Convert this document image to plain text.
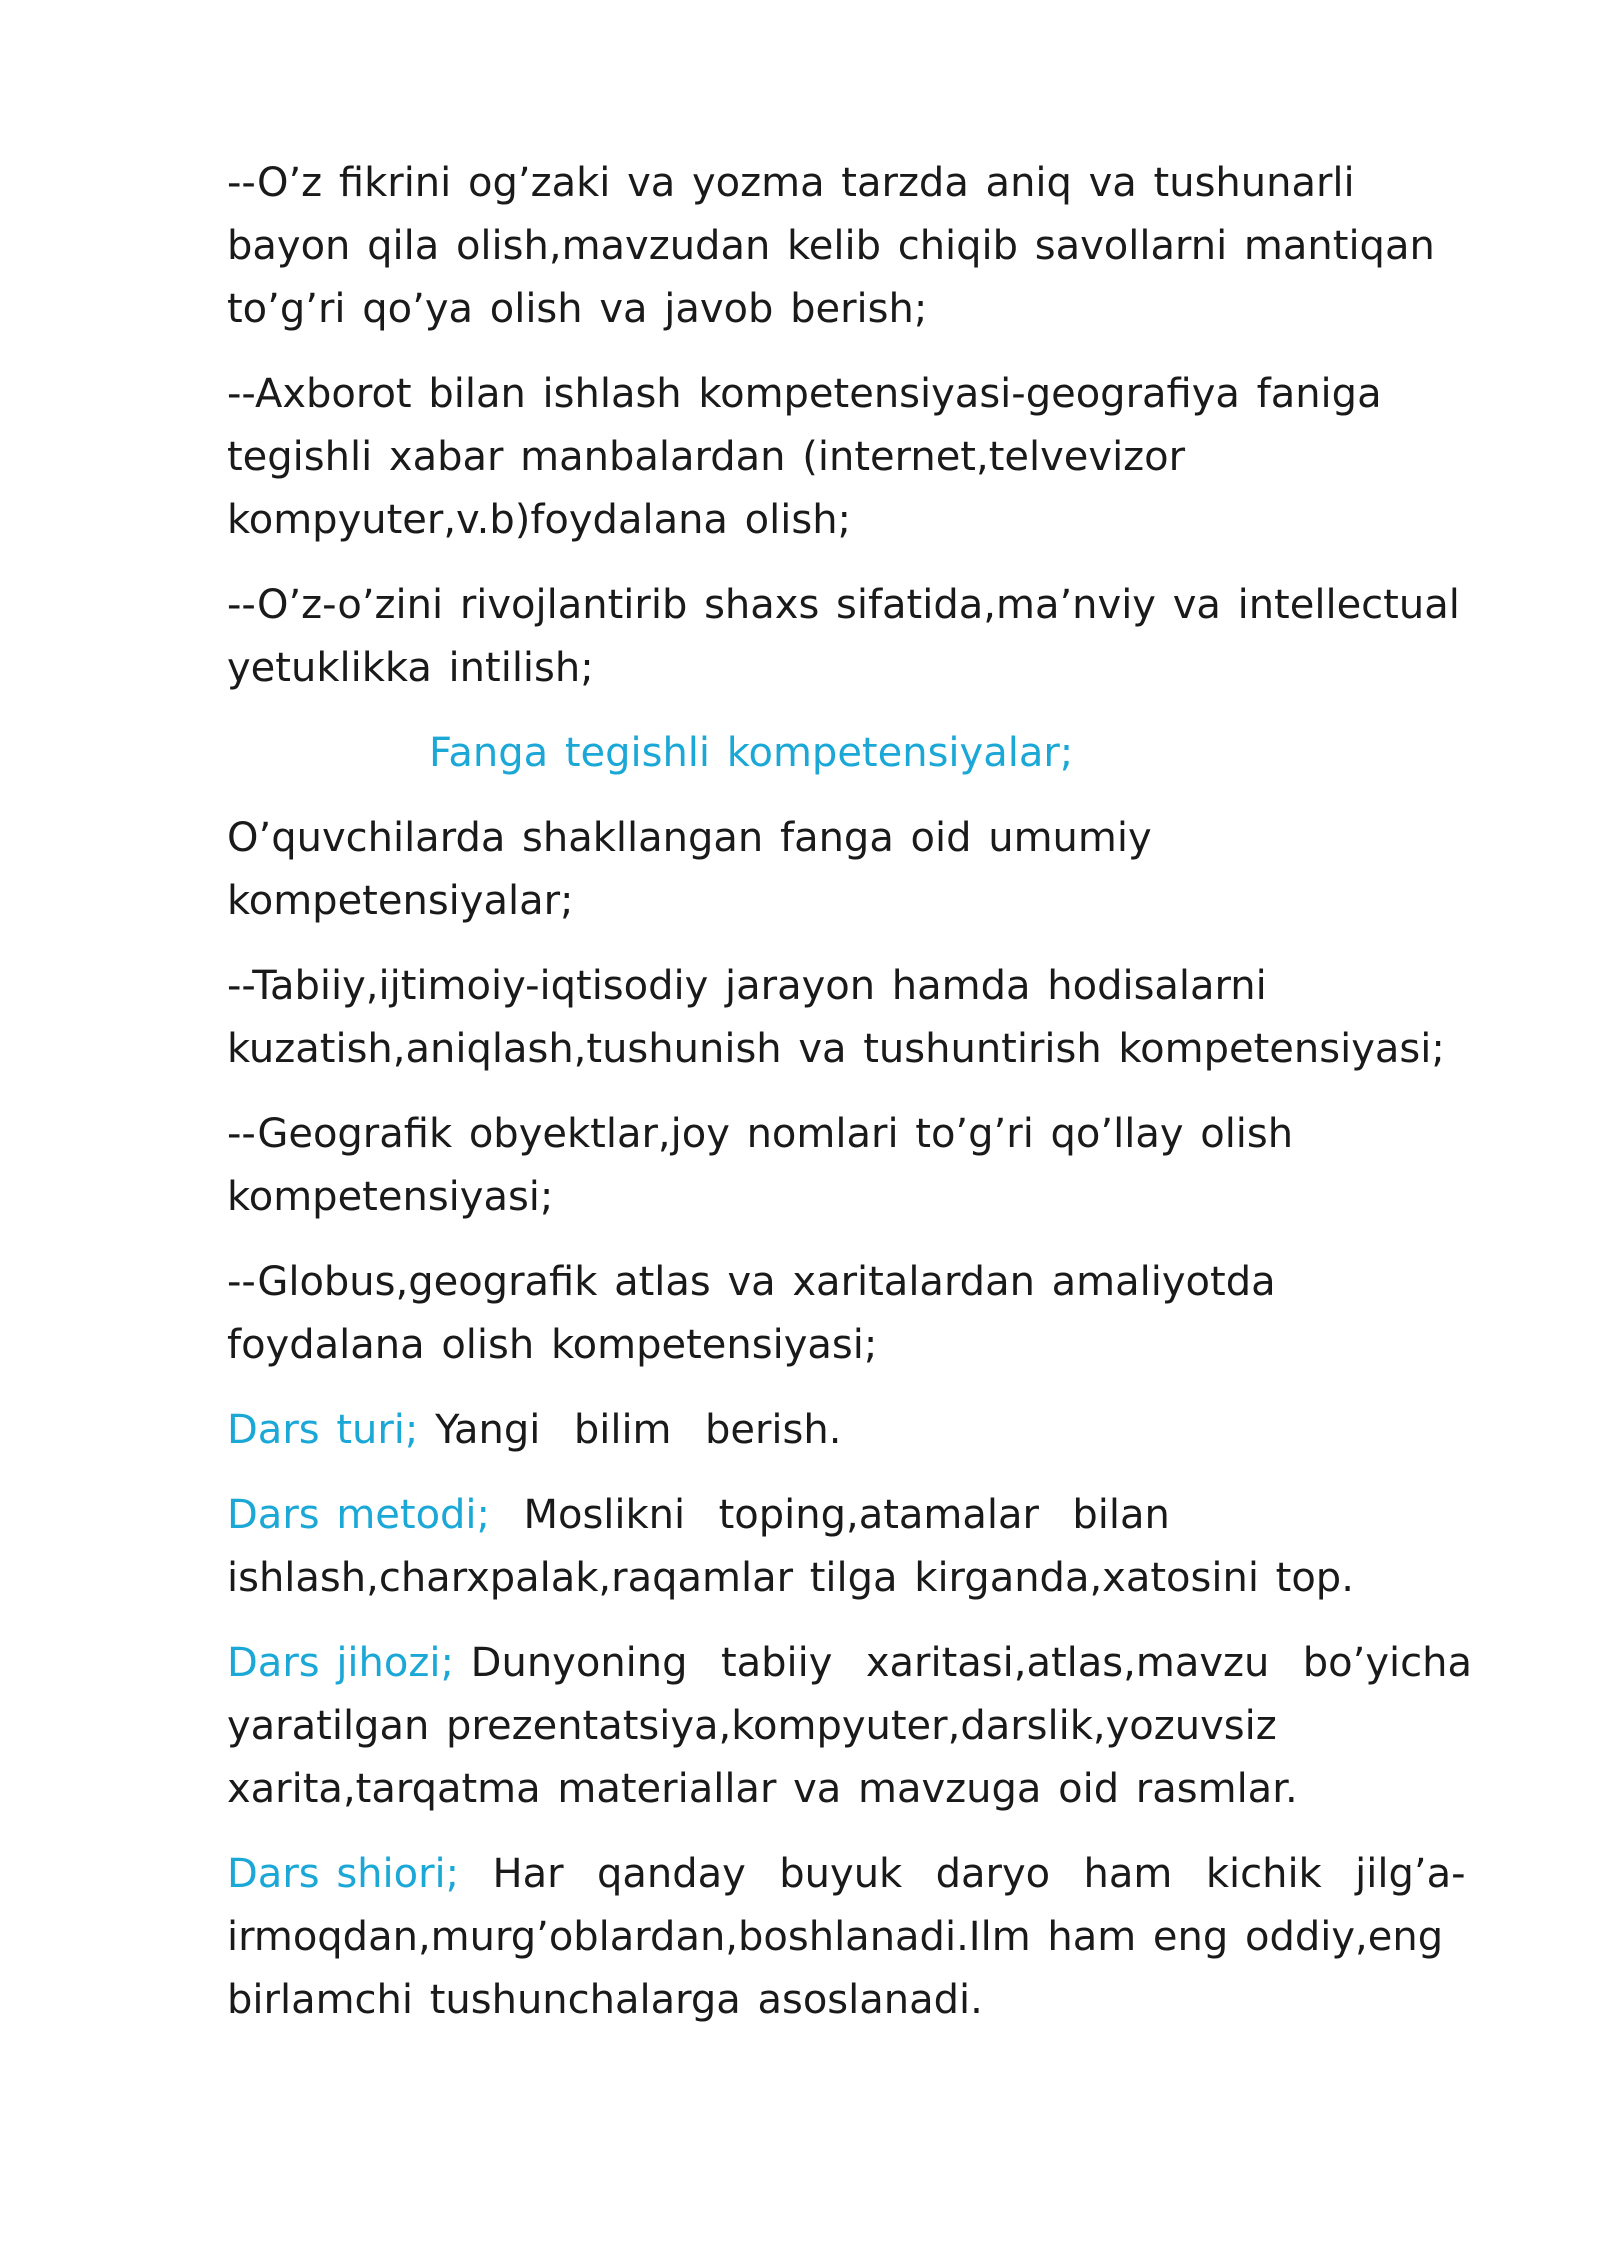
--O’z fikrini og’zaki va yozma tarzda aniq va tushunarli
bayon qila olish,mavzudan kelib chiqib savollarni mantiqan
to’g’ri qo’ya olish va javob berish;
--Axborot bilan ishlash kompetensiyasi-geografiya faniga
tegishli xabar manbalardan (internet,telvevizor
kompyuter,v.b)foydalana olish;
--O’z-o’zini rivojlantirib shaxs sifatida,ma’nviy va intellectual
yetuklikka intilish;
Fanga tegishli kompetensiyalar;
O’quvchilarda shakllangan fanga oid umumiy
kompetensiyalar;
--Tabiiy,ijtimoiy-iqtisodiy jarayon hamda hodisalarni
kuzatish,aniqlash,tushunish va tushuntirish kompetensiyasi;
--Geografik obyektlar,joy nomlari to’g’ri qo’llay olish
kompetensiyasi;
--Globus,geografik atlas va xaritalardan amaliyotda
foydalana olish kompetensiyasi;
Dars turi; Yangi  bilim  berish.
Dars metodi;  Moslikni  toping,atamalar  bilan
ishlash,charxpalak,raqamlar tilga kirganda,xatosini top.
Dars jihozi; Dunyoning  tabiiy  xaritasi,atlas,mavzu  bo’yicha
yaratilgan prezentatsiya,kompyuter,darslik,yozuvsiz
xarita,tarqatma materiallar va mavzuga oid rasmlar.
Dars shiori;  Har  qanday  buyuk  daryo  ham  kichik  jilg’a-
irmoqdan,murg’oblardan,boshlanadi.Ilm ham eng oddiy,eng
birlamchi tushunchalarga asoslanadi.
